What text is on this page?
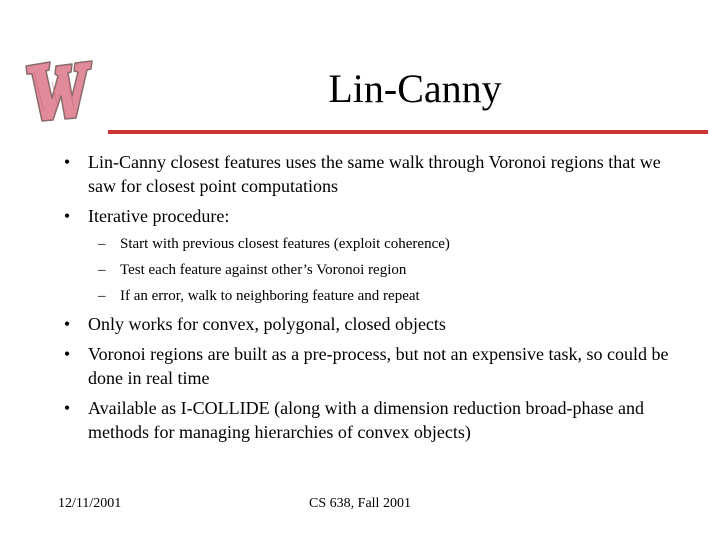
Lin-Canny
• Lin-Canny closest features uses the same walk through Voronoi regions that we saw for closest point computations
• Iterative procedure:
– Start with previous closest features (exploit coherence)
– Test each feature against other’s Voronoi region
– If an error, walk to neighboring feature and repeat
• Only works for convex, polygonal, closed objects
• Voronoi regions are built as a pre-process, but not an expensive task, so could be done in real time
• Available as I-COLLIDE (along with a dimension reduction broad-phase and methods for managing hierarchies of convex objects)
12/11/2001	CS 638, Fall 2001
